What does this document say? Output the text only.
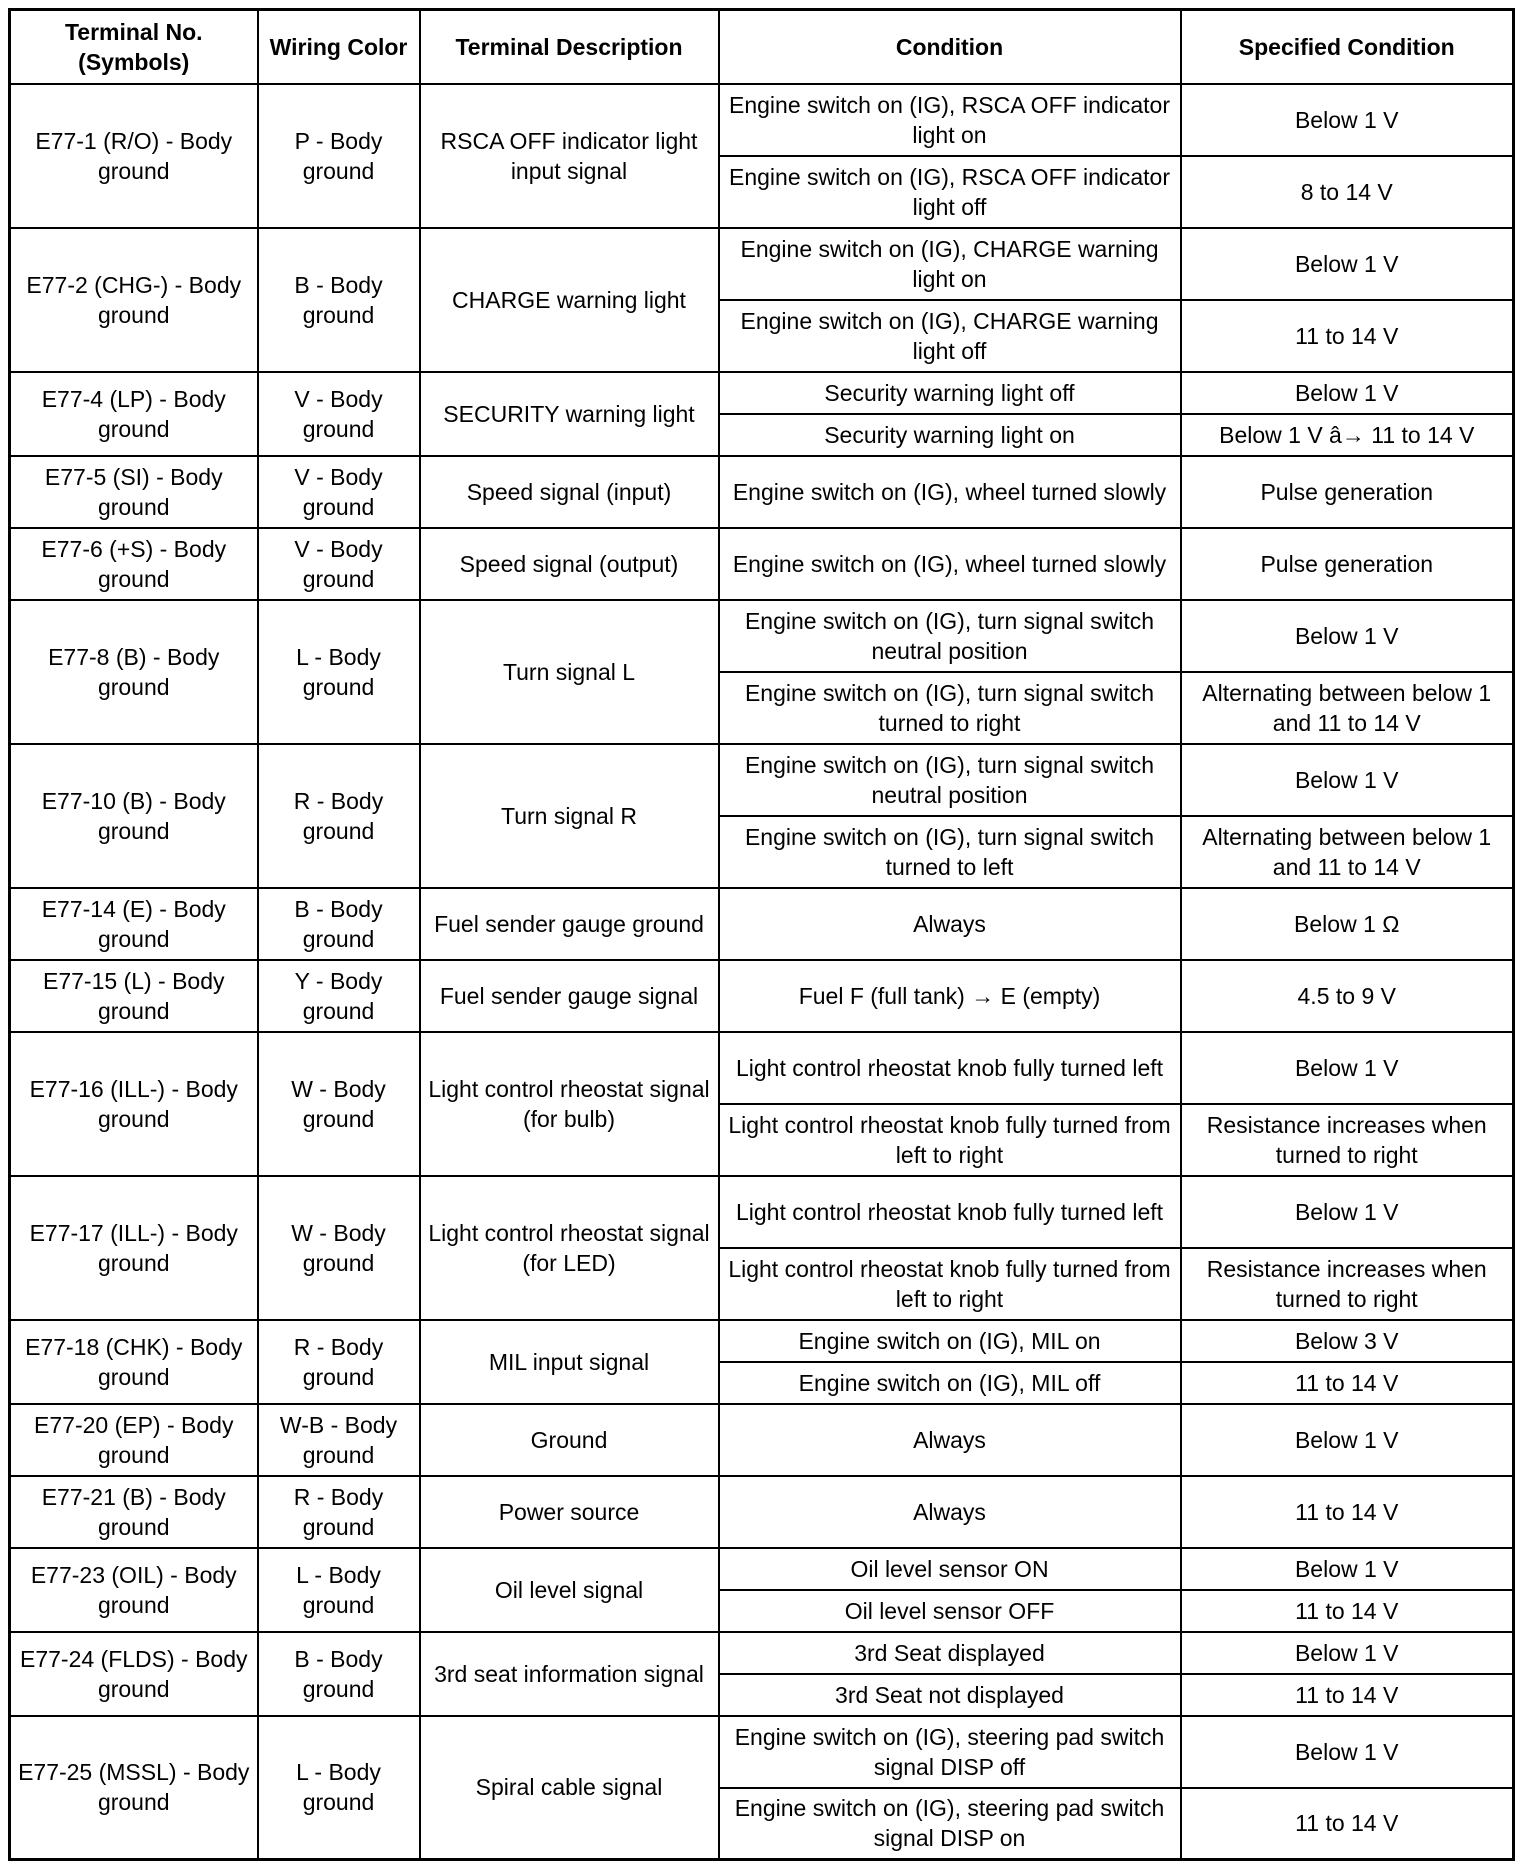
Terminal No.
(Symbols)	Wiring Color	Terminal Description	Condition	Specified Condition
E77-1 (R/O) - Body ground	P - Body ground	RSCA OFF indicator light input signal	Engine switch on (IG), RSCA OFF indicator light on	Below 1 V
			Engine switch on (IG), RSCA OFF indicator light off	8 to 14 V
E77-2 (CHG-) - Body ground	B - Body ground	CHARGE warning light	Engine switch on (IG), CHARGE warning light on	Below 1 V
			Engine switch on (IG), CHARGE warning light off	11 to 14 V
E77-4 (LP) - Body ground	V - Body ground	SECURITY warning light	Security warning light off	Below 1 V
			Security warning light on	Below 1 V â→ 11 to 14 V
E77-5 (SI) - Body ground	V - Body ground	Speed signal (input)	Engine switch on (IG), wheel turned slowly	Pulse generation
E77-6 (+S) - Body ground	V - Body ground	Speed signal (output)	Engine switch on (IG), wheel turned slowly	Pulse generation
E77-8 (B) - Body ground	L - Body ground	Turn signal L	Engine switch on (IG), turn signal switch neutral position	Below 1 V
			Engine switch on (IG), turn signal switch turned to right	Alternating between below 1 and 11 to 14 V
E77-10 (B) - Body ground	R - Body ground	Turn signal R	Engine switch on (IG), turn signal switch neutral position	Below 1 V
			Engine switch on (IG), turn signal switch turned to left	Alternating between below 1 and 11 to 14 V
E77-14 (E) - Body ground	B - Body ground	Fuel sender gauge ground	Always	Below 1 Ω
E77-15 (L) - Body ground	Y - Body ground	Fuel sender gauge signal	Fuel F (full tank) → E (empty)	4.5 to 9 V
E77-16 (ILL-) - Body ground	W - Body ground	Light control rheostat signal (for bulb)	Light control rheostat knob fully turned left	Below 1 V
			Light control rheostat knob fully turned from left to right	Resistance increases when turned to right
E77-17 (ILL-) - Body ground	W - Body ground	Light control rheostat signal (for LED)	Light control rheostat knob fully turned left	Below 1 V
			Light control rheostat knob fully turned from left to right	Resistance increases when turned to right
E77-18 (CHK) - Body ground	R - Body ground	MIL input signal	Engine switch on (IG), MIL on	Below 3 V
			Engine switch on (IG), MIL off	11 to 14 V
E77-20 (EP) - Body ground	W-B - Body ground	Ground	Always	Below 1 V
E77-21 (B) - Body ground	R - Body ground	Power source	Always	11 to 14 V
E77-23 (OIL) - Body ground	L - Body ground	Oil level signal	Oil level sensor ON	Below 1 V
			Oil level sensor OFF	11 to 14 V
E77-24 (FLDS) - Body ground	B - Body ground	3rd seat information signal	3rd Seat displayed	Below 1 V
			3rd Seat not displayed	11 to 14 V
E77-25 (MSSL) - Body ground	L - Body ground	Spiral cable signal	Engine switch on (IG), steering pad switch signal DISP off	Below 1 V
			Engine switch on (IG), steering pad switch signal DISP on	11 to 14 V
